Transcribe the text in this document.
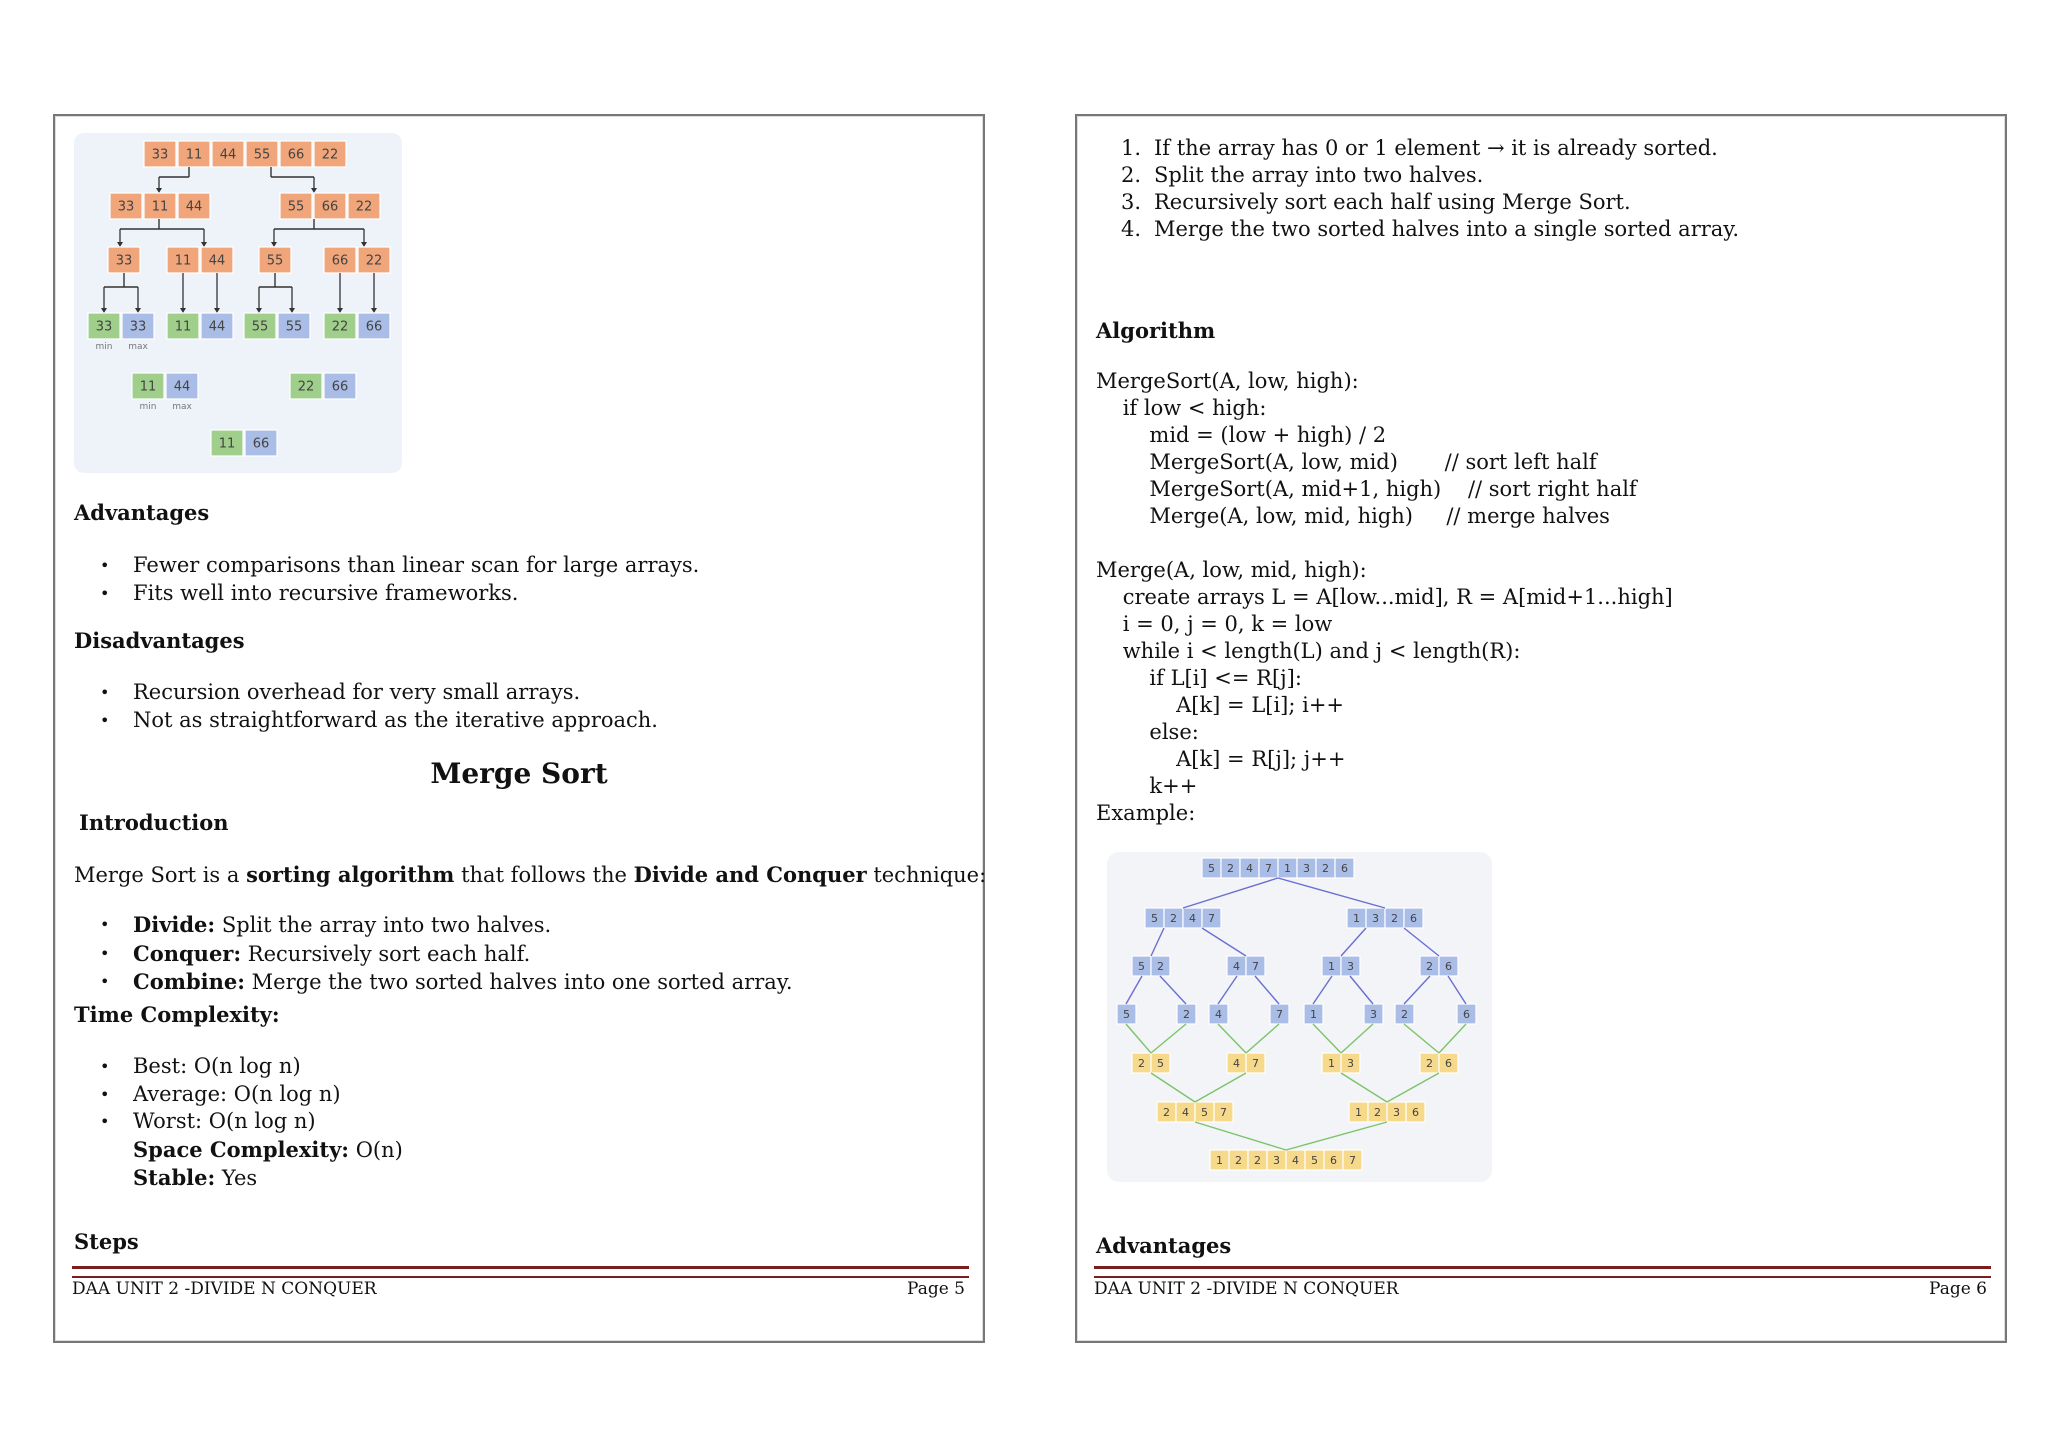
33 11 44 55 66 22
33 11 44	55 66 22
33	11 44	55	66 22
33 33 11 44 55 55 22 66
min max
11 44
min max
22 66
11 66
Advantages
• Fewer comparisons than linear scan for large arrays.
• Fits well into recursive frameworks.
Disadvantages
• Recursion overhead for very small arrays.
• Not as straightforward as the iterative approach.
Merge Sort
Introduction
Merge Sort is a sorting algorithm that follows the Divide and Conquer technique:
• Divide: Split the array into two halves.
• Conquer: Recursively sort each half.
• Combine: Merge the two sorted halves into one sorted array.
Time Complexity:
• Best: O(n log n)
• Average: O(n log n)
• Worst: O(n log n)
Space Complexity: O(n)
Stable: Yes
Steps
DAA UNIT 2 -DIVIDE N CONQUER	Page 5
1. If the array has 0 or 1 element → it is already sorted.
2. Split the array into two halves.
3. Recursively sort each half using Merge Sort.
4. Merge the two sorted halves into a single sorted array.
Algorithm
MergeSort(A, low, high):
if low < high:
mid = (low + high) / 2
MergeSort(A, low, mid)       // sort left half
MergeSort(A, mid+1, high)    // sort right half
Merge(A, low, mid, high)     // merge halves

Merge(A, low, mid, high):
create arrays L = A[low...mid], R = A[mid+1...high]
i = 0, j = 0, k = low
while i < length(L) and j < length(R):
if L[i] <= R[j]:
A[k] = L[i]; i++
else:
A[k] = R[j]; j++
k++
Example:
5 2 4 7 1 3 2 6
5 2 4 7	1 3 2 6
5 2	4 7	1 3	2 6
5	2 4	7 1	3 2	6
2 5	4 7	1 3	2 6
2 4 5 7	1 2 3 6
1 2 2 3 4 5 6 7
Advantages
DAA UNIT 2 -DIVIDE N CONQUER	Page 6
